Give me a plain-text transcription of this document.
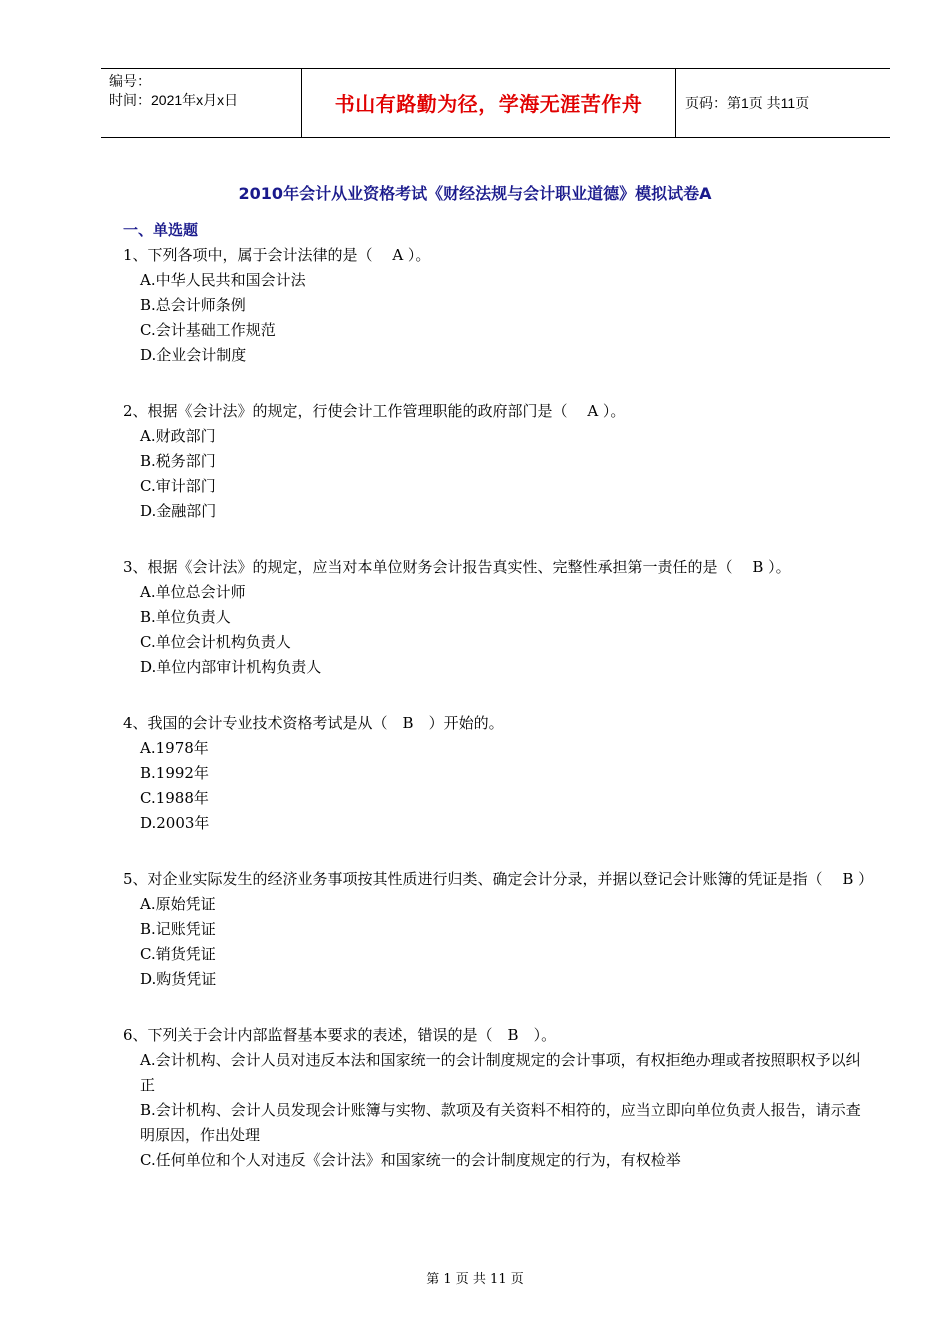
编号：
时间：2021年x月x日	书山有路勤为径，学海无涯苦作舟	页码：第1页 共11页
2010年会计从业资格考试《财经法规与会计职业道德》模拟试卷A
一、单选题
1、下列各项中，属于会计法律的是（　 A ）。
A.中华人民共和国会计法
B.总会计师条例
C.会计基础工作规范
D.企业会计制度
2、根据《会计法》的规定，行使会计工作管理职能的政府部门是（　 A ）。
A.财政部门
B.税务部门
C.审计部门
D.金融部门
3、根据《会计法》的规定，应当对本单位财务会计报告真实性、完整性承担第一责任的是（　 B ）。
A.单位总会计师
B.单位负责人
C.单位会计机构负责人
D.单位内部审计机构负责人
4、我国的会计专业技术资格考试是从（　B　）开始的。
A.1978年
B.1992年
C.1988年
D.2003年
5、对企业实际发生的经济业务事项按其性质进行归类、确定会计分录，并据以登记会计账簿的凭证是指（　 B ）
A.原始凭证
B.记账凭证
C.销货凭证
D.购货凭证
6、下列关于会计内部监督基本要求的表述，错误的是（　B　）。
A.会计机构、会计人员对违反本法和国家统一的会计制度规定的会计事项，有权拒绝办理或者按照职权予以纠正
B.会计机构、会计人员发现会计账簿与实物、款项及有关资料不相符的，应当立即向单位负责人报告，请示查明原因，作出处理
C.任何单位和个人对违反《会计法》和国家统一的会计制度规定的行为，有权检举
第 1 页 共 11 页
